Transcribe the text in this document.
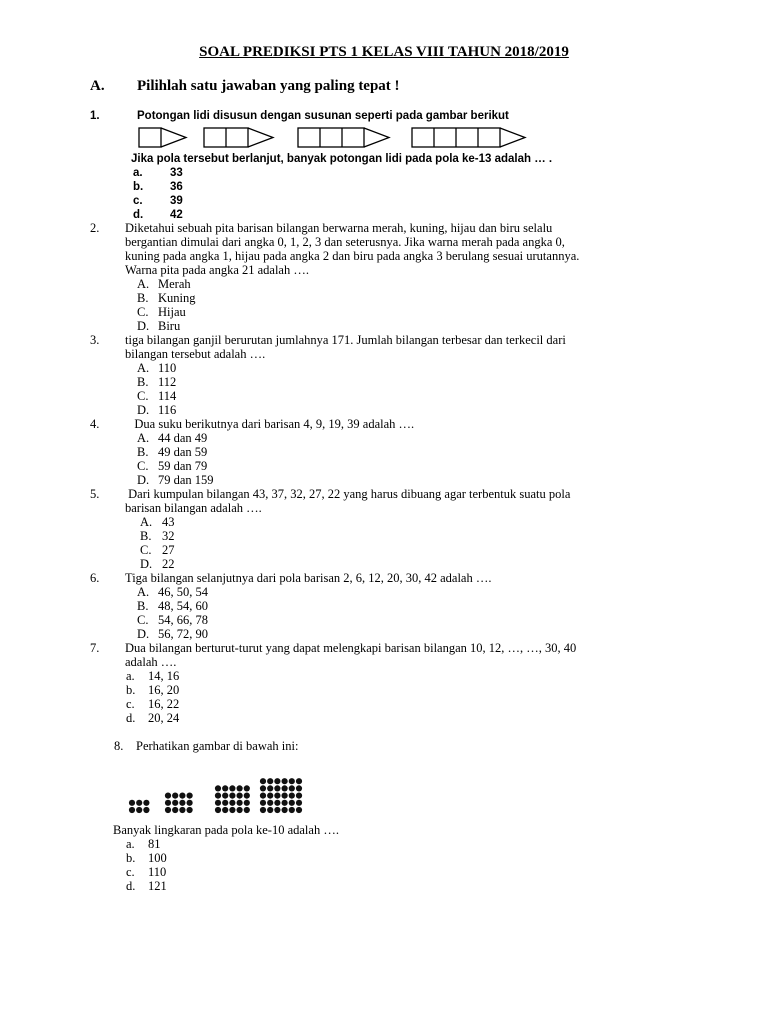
SOAL PREDIKSI PTS 1 KELAS VIII TAHUN 2018/2019
A. Pilihlah satu jawaban yang paling tepat !
1.	Potongan lidi disusun dengan susunan seperti pada gambar berikut
Jika pola tersebut berlanjut, banyak potongan lidi pada pola ke-13 adalah … .
a. 33
b. 36
c. 39
d. 42
2. Diketahui sebuah pita barisan bilangan berwarna merah, kuning, hijau dan biru selalu
bergantian dimulai dari angka 0, 1, 2, 3 dan seterusnya. Jika warna merah pada angka 0,
kuning pada angka 1, hijau pada angka 2 dan biru pada angka 3 berulang sesuai urutannya.
Warna pita pada angka 21 adalah ….
A. Merah
B. Kuning
C. Hijau
D. Biru
3. tiga bilangan ganjil berurutan jumlahnya 171. Jumlah bilangan terbesar dan terkecil dari
bilangan tersebut adalah ….
A. 110
B. 112
C. 114
D. 116
4. Dua suku berikutnya dari barisan 4, 9, 19, 39 adalah ….
A. 44 dan 49
B. 49 dan 59
C. 59 dan 79
D. 79 dan 159
5. Dari kumpulan bilangan 43, 37, 32, 27, 22 yang harus dibuang agar terbentuk suatu pola
barisan bilangan adalah ….
A. 43
B. 32
C. 27
D. 22
6. Tiga bilangan selanjutnya dari pola barisan 2, 6, 12, 20, 30, 42 adalah ….
A. 46, 50, 54
B. 48, 54, 60
C. 54, 66, 78
D. 56, 72, 90
7. Dua bilangan berturut-turut yang dapat melengkapi barisan bilangan 10, 12, …, …, 30, 40
adalah ….
a. 14, 16
b. 16, 20
c. 16, 22
d. 20, 24
8. Perhatikan gambar di bawah ini:
Banyak lingkaran pada pola ke-10 adalah ….
a. 81
b. 100
c. 110
d. 121
